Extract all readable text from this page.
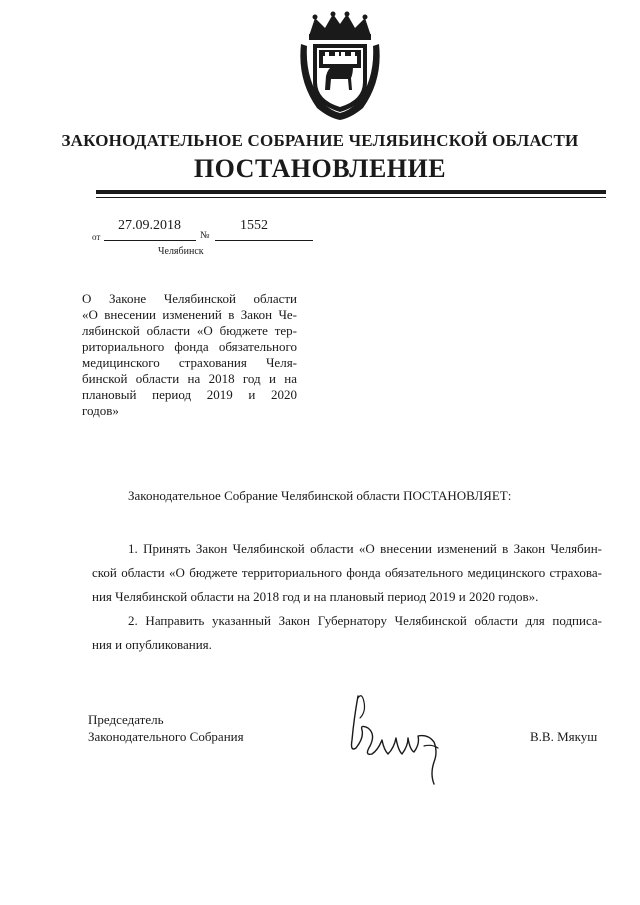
ЗАКОНОДАТЕЛЬНОЕ СОБРАНИЕ ЧЕЛЯБИНСКОЙ ОБЛАСТИ
ПОСТАНОВЛЕНИЕ
27.09.2018	1552
от	№
Челябинск
О Законе Челябинской области
«О внесении изменений в Закон Че-
лябинской области «О бюджете тер-
риториального фонда обязательного
медицинского страхования Челя-
бинской области на 2018 год и на
плановый период 2019 и 2020
годов»
Законодательное Собрание Челябинской области ПОСТАНОВЛЯЕТ:
1. Принять Закон Челябинской области «О внесении изменений в Закон Челябин-
ской области «О бюджете территориального фонда обязательного медицинского страхова-
ния Челябинской области на 2018 год и на плановый период 2019 и 2020 годов».
2. Направить указанный Закон Губернатору Челябинской области для подписа-
ния и опубликования.
Председатель
Законодательного Собрания	В.В. Мякуш
